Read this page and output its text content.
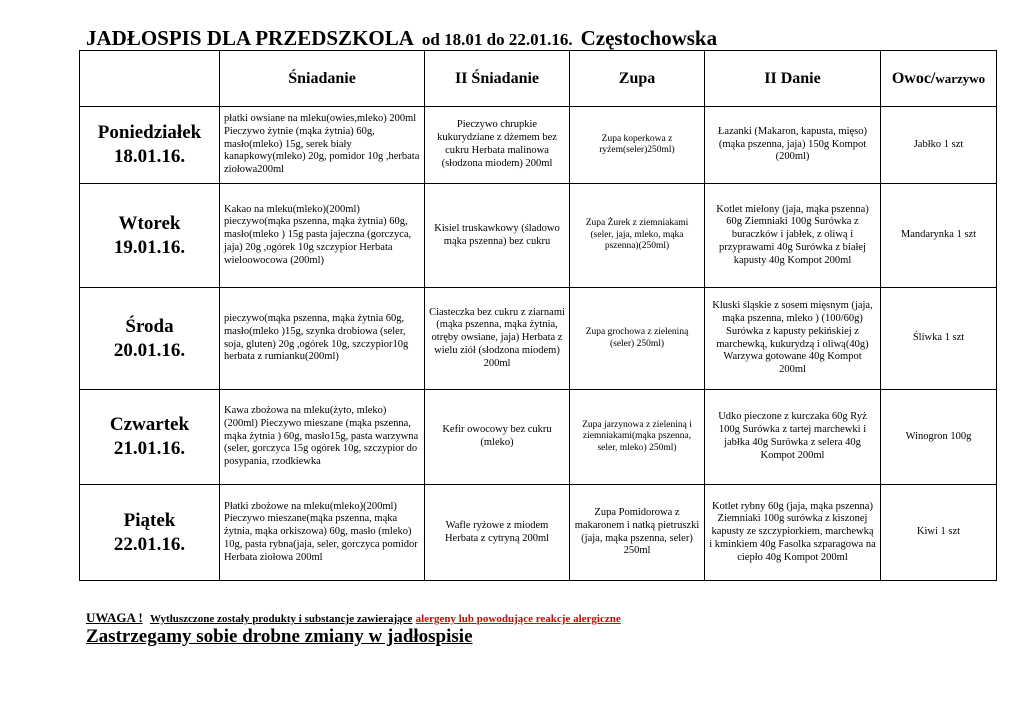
JADŁOSPIS DLA PRZEDSZKOLA od 18.01 do 22.01.16. Częstochowska
	Śniadanie	II Śniadanie	Zupa	II Danie	Owoc/warzywo

Poniedziałek
18.01.16.	płatki owsiane na mleku(owies,mleko) 200ml Pieczywo żytnie (mąka żytnia) 60g, masło(mleko) 15g, serek biały kanapkowy(mleko) 20g, pomidor 10g ,herbata ziołowa200ml	Pieczywo chrupkie kukurydziane z dżemem bez cukru Herbata malinowa (słodzona miodem) 200ml	Zupa koperkowa z ryżem(seler)250ml)	Łazanki (Makaron, kapusta, mięso) (mąka pszenna, jaja) 150g Kompot (200ml)	Jabłko 1 szt

Wtorek
19.01.16.	Kakao na mleku(mleko)(200ml) pieczywo(mąka pszenna, mąka żytnia) 60g, masło(mleko ) 15g pasta jajeczna (gorczyca, jaja) 20g ,ogórek 10g szczypior Herbata wieloowocowa (200ml)	Kisiel truskawkowy (śladowo mąka pszenna) bez cukru	Zupa Żurek z ziemniakami (seler, jaja, mleko, mąka pszenna)(250ml)	Kotlet mielony (jaja, mąka pszenna) 60g Ziemniaki 100g Surówka z buraczków i jabłek, z oliwą i przyprawami 40g Surówka z białej kapusty 40g Kompot 200ml	Mandarynka 1 szt

Środa
20.01.16.	pieczywo(mąka pszenna, mąka żytnia 60g, masło(mleko )15g, szynka drobiowa (seler, soja, gluten) 20g ,ogórek 10g, szczypior10g herbata z rumianku(200ml)	Ciasteczka bez cukru z ziarnami (mąka pszenna, mąka żytnia, otręby owsiane, jaja) Herbata z wielu ziół (słodzona miodem) 200ml	Zupa grochowa z zieleniną (seler) 250ml)	Kluski śląskie z sosem mięsnym (jaja, mąka pszenna, mleko ) (100/60g) Surówka z kapusty pekińskiej z marchewką, kukurydzą i oliwą(40g) Warzywa gotowane 40g Kompot 200ml	Śliwka 1 szt

Czwartek
21.01.16.	Kawa zbożowa na mleku(żyto, mleko)(200ml) Pieczywo mieszane (mąka pszenna, mąka żytnia ) 60g, masło15g, pasta warzywna (seler, gorczyca 15g ogórek 10g, szczypior do posypania, rzodkiewka	Kefir owocowy bez cukru (mleko)	Zupa jarzynowa z zieleniną i ziemniakami(mąka pszenna, seler, mleko) 250ml)	Udko pieczone z kurczaka 60g Ryż 100g Surówka z tartej marchewki i jabłka 40g Surówka z selera 40g Kompot 200ml	Winogron 100g

Piątek
22.01.16.	Płatki zbożowe na mleku(mleko)(200ml) Pieczywo mieszane(mąka pszenna, mąka żytnia, mąka orkiszowa) 60g, masło (mleko) 10g, pasta rybna(jaja, seler, gorczyca pomidor Herbata ziołowa 200ml	Wafle ryżowe z miodem Herbata z cytryną 200ml	Zupa Pomidorowa z makaronem i natką pietruszki (jaja, mąka pszenna, seler) 250ml	Kotlet rybny 60g (jaja, mąka pszenna) Ziemniaki 100g surówka z kiszonej kapusty ze szczypiorkiem, marchewką i kminkiem 40g Fasolka szparagowa na ciepło 40g Kompot 200ml	Kiwi 1 szt
UWAGA ! Wytłuszczone zostały produkty i substancje zawierające alergeny lub powodujące reakcje alergiczne
Zastrzegamy sobie drobne zmiany w jadłospisie
